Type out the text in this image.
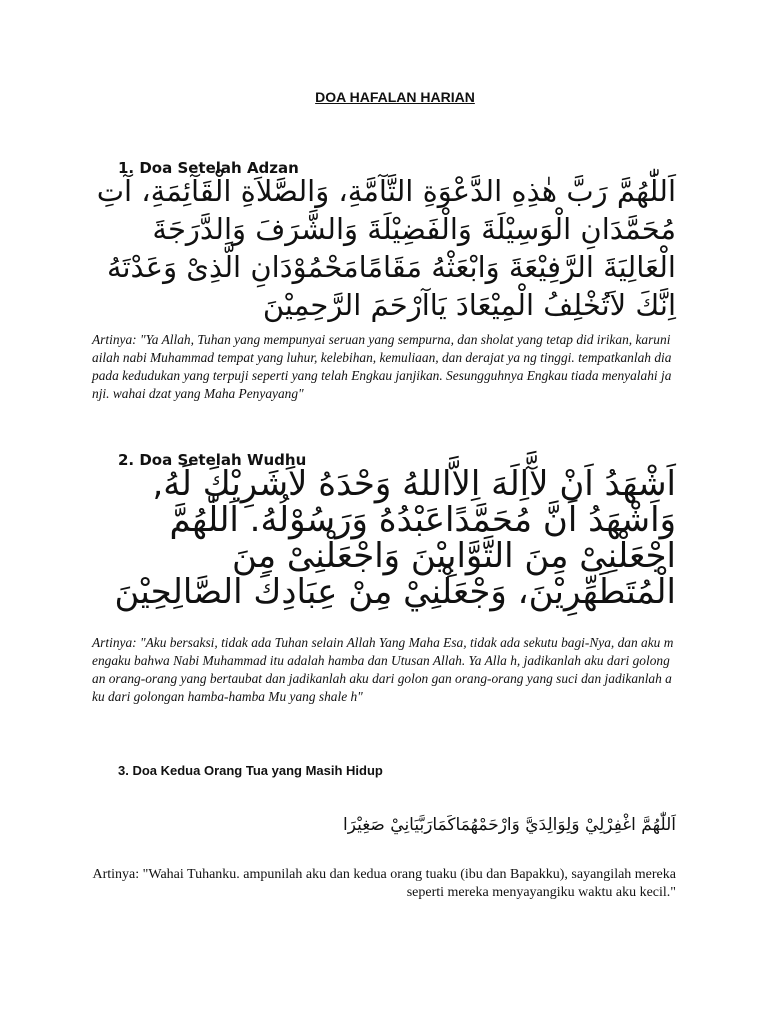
DOA HAFALAN HARIAN
1. Doa Setelah Adzan
اَللّٰهُمَّ رَبَّ هٰذِهِ الدَّعْوَةِ التَّآمَّةِ، وَالصَّلاَةِ الْقَآئِمَةِ، آتِ مُحَمَّدَانِ الْوَسِيْلَةَ وَالْفَضِيْلَةَ وَالشَّرَفَ وَالدَّرَجَةَ الْعَالِيَةَ الرَّفِيْعَةَ وَابْعَثْهُ مَقَامًامَحْمُوْدَانِ الَّذِىْ وَعَدْتَهُ اِنَّكَ لاَتُخْلِفُ الْمِيْعَادَ يَاآرْحَمَ الرَّحِمِيْنَ
Artinya: "Ya Allah, Tuhan yang mempunyai seruan yang sempurna, dan sholat yang tetap did irikan, karuniailah nabi Muhammad tempat yang luhur, kelebihan, kemuliaan, dan derajat ya ng tinggi. tempatkanlah dia pada kedudukan yang terpuji seperti yang telah Engkau janjikan. Sesungguhnya Engkau tiada menyalahi janji. wahai dzat yang Maha Penyayang"
2. Doa Setelah Wudhu
اَشْهَدُ اَنْ لآَّاِلَهَ اِلاَّاللهُ وَحْدَهُ لاَشَرِيْكَ لَهُ, وَاَشْهَدُ اَنَّ مُحَمَّدًاعَبْدُهُ وَرَسُوْلُهُ. اَللّٰهُمَّ اجْعَلْنِىْ مِنَ التَّوَّابِيْنَ وَاجْعَلْنِىْ مِنَ الْمُتَطَهِّرِيْنَ، وَجْعَلْنِيْ مِنْ عِبَادِكَ الصَّالِحِيْنَ
Artinya: "Aku bersaksi, tidak ada Tuhan selain Allah Yang Maha Esa, tidak ada sekutu bagi-Nya, dan aku mengaku bahwa Nabi Muhammad itu adalah hamba dan Utusan Allah. Ya Alla h, jadikanlah aku dari golongan orang-orang yang bertaubat dan jadikanlah aku dari golon gan orang-orang yang suci dan jadikanlah aku dari golongan hamba-hamba Mu yang shale h"
3. Doa Kedua Orang Tua yang Masih Hidup
اَللّٰهُمَّ اغْفِرْلِيْ وَلِوَالِدَيَّ وَارْحَمْهُمَاكَمَارَبَّيَانِيْ صَغِيْرَا
Artinya: "Wahai Tuhanku. ampunilah aku dan kedua orang tuaku (ibu dan Bapakku), sayangilah mereka seperti mereka menyayangiku waktu aku kecil."
